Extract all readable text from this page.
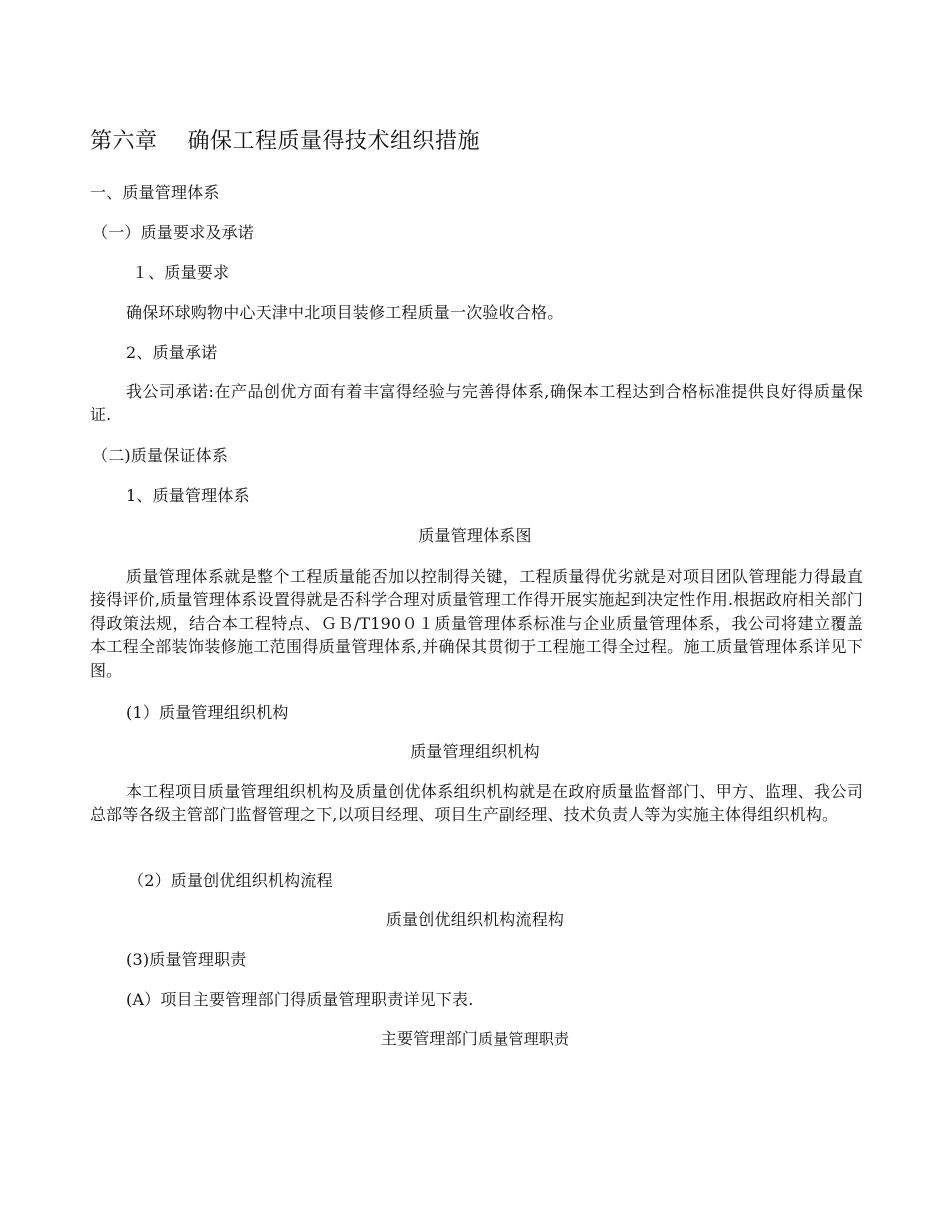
第六章　 确保工程质量得技术组织措施
一、质量管理体系
（一）质量要求及承诺
１、质量要求
确保环球购物中心天津中北项目装修工程质量一次验收合格。
2、质量承诺
我公司承诺:在产品创优方面有着丰富得经验与完善得体系,确保本工程达到合格标准提供良好得质量保证.
（二)质量保证体系
1、质量管理体系
质量管理体系图
质量管理体系就是整个工程质量能否加以控制得关键，工程质量得优劣就是对项目团队管理能力得最直接得评价,质量管理体系设置得就是否科学合理对质量管理工作得开展实施起到决定性作用.根据政府相关部门得政策法规，结合本工程特点、ＧＢ/T190０１质量管理体系标准与企业质量管理体系，我公司将建立覆盖本工程全部装饰装修施工范围得质量管理体系,并确保其贯彻于工程施工得全过程。施工质量管理体系详见下图。
(1）质量管理组织机构
质量管理组织机构
本工程项目质量管理组织机构及质量创优体系组织机构就是在政府质量监督部门、甲方、监理、我公司总部等各级主管部门监督管理之下,以项目经理、项目生产副经理、技术负责人等为实施主体得组织机构。
（2）质量创优组织机构流程
质量创优组织机构流程构
(3)质量管理职责
(A）项目主要管理部门得质量管理职责详见下表.
主要管理部门质量管理职责
